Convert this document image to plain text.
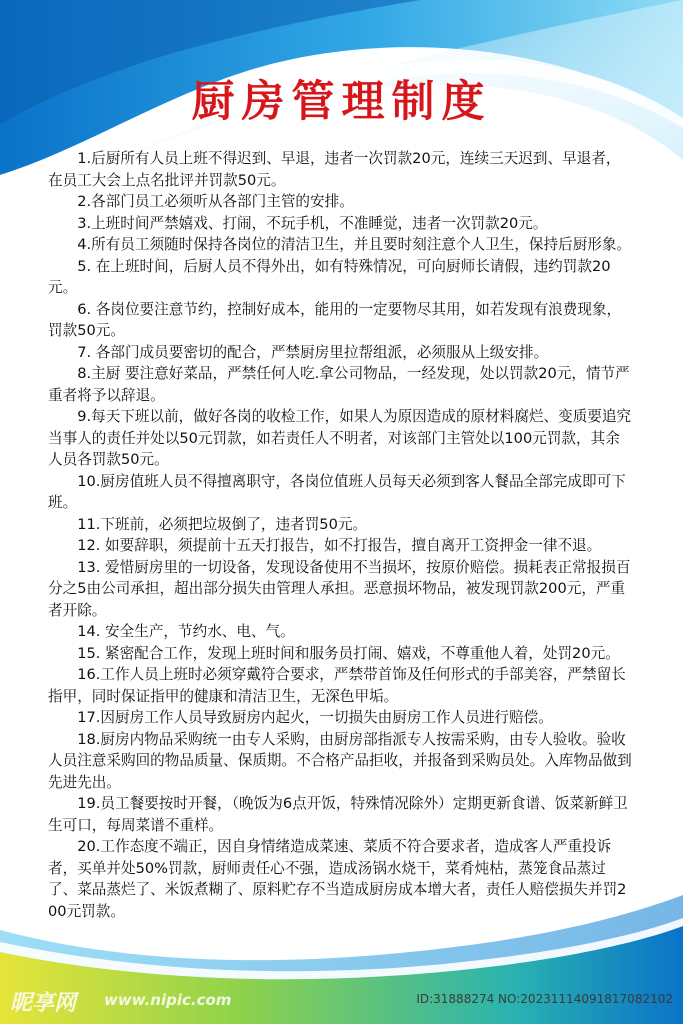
厨房管理制度

1.后厨所有人员上班不得迟到、早退，违者一次罚款20元，连续三天迟到、早退者，在员工大会上点名批评并罚款50元。

2.各部门员工必须听从各部门主管的安排。

3.上班时间严禁嬉戏、打闹，不玩手机，不准睡觉，违者一次罚款20元。

4.所有员工须随时保持各岗位的清洁卫生，并且要时刻注意个人卫生，保持后厨形象。

5. 在上班时间，后厨人员不得外出，如有特殊情况，可向厨师长请假，违约罚款20元。

6. 各岗位要注意节约，控制好成本，能用的一定要物尽其用，如若发现有浪费现象，罚款50元。

7. 各部门成员要密切的配合，严禁厨房里拉帮组派，必须服从上级安排。

8.主厨 要注意好菜品，严禁任何人吃.拿公司物品，一经发现，处以罚款20元，情节严重者将予以辞退。

9.每天下班以前，做好各岗的收检工作，如果人为原因造成的原材料腐烂、变质要追究当事人的责任并处以50元罚款，如若责任人不明者，对该部门主管处以100元罚款，其余人员各罚款50元。

10.厨房值班人员不得擅离职守，各岗位值班人员每天必须到客人餐品全部完成即可下班。

11.下班前，必须把垃圾倒了，违者罚50元。

12. 如要辞职，须提前十五天打报告，如不打报告，擅自离开工资押金一律不退。

13. 爱惜厨房里的一切设备，发现设备使用不当损坏，按原价赔偿。损耗表正常报损百分之5由公司承担，超出部分损失由管理人承担。恶意损坏物品，被发现罚款200元，严重者开除。

14. 安全生产，节约水、电、气。

15. 紧密配合工作，发现上班时间和服务员打闹、嬉戏，不尊重他人着，处罚20元。

16.工作人员上班时必须穿戴符合要求，严禁带首饰及任何形式的手部美容，严禁留长指甲，同时保证指甲的健康和清洁卫生，无深色甲垢。

17.因厨房工作人员导致厨房内起火，一切损失由厨房工作人员进行赔偿。

18.厨房内物品采购统一由专人采购，由厨房部指派专人按需采购，由专人验收。验收人员注意采购回的物品质量、保质期。不合格产品拒收，并报备到采购员处。入库物品做到先进先出。

19.员工餐要按时开餐，（晚饭为6点开饭，特殊情况除外）定期更新食谱、饭菜新鲜卫生可口，每周菜谱不重样。

20.工作态度不端正，因自身情绪造成菜速、菜质不符合要求者，造成客人严重投诉者，买单并处50%罚款，厨师责任心不强，造成汤锅水烧干，菜肴炖枯，蒸笼食品蒸过了、菜品蒸烂了、米饭煮糊了、原料贮存不当造成厨房成本增大者，责任人赔偿损失并罚200元罚款。

昵享网 www.nipic.com	ID:31888274 NO:20231114091817082102
